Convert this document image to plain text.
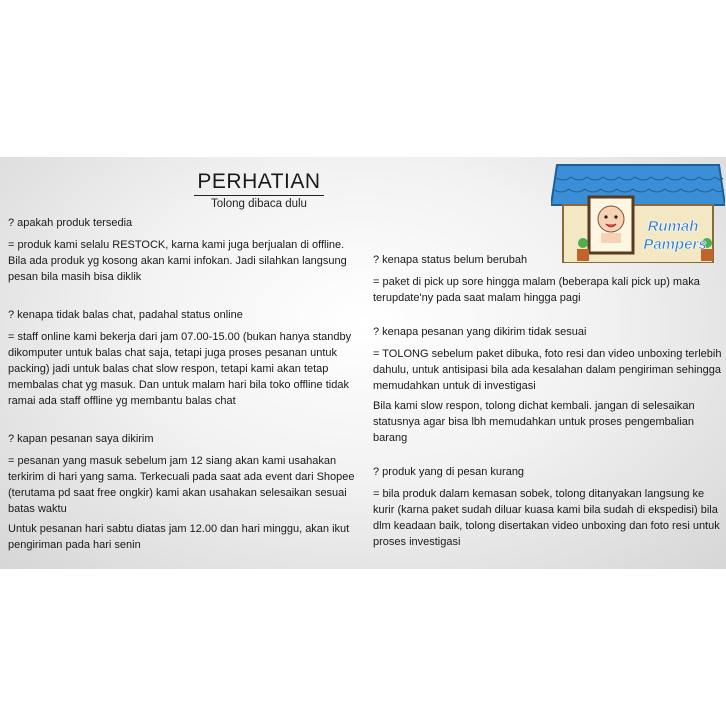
PERHATIAN
Tolong dibaca dulu

? apakah produk tersedia

= produk kami selalu RESTOCK, karna kami juga berjualan di offline. Bila ada produk yg kosong akan kami infokan. Jadi silahkan langsung pesan bila masih bisa diklik

? kenapa tidak balas chat, padahal status online

= staff online kami bekerja dari jam 07.00-15.00 (bukan hanya standby dikomputer untuk balas chat saja, tetapi juga proses pesanan untuk packing) jadi untuk balas chat slow respon, tetapi kami akan tetap membalas chat yg masuk. Dan untuk malam hari bila toko offline tidak ramai ada staff offline yg membantu balas chat

? kapan pesanan saya dikirim

= pesanan yang masuk sebelum jam 12 siang akan kami usahakan terkirim di hari yang sama. Terkecuali pada saat ada event dari Shopee (terutama pd saat free ongkir) kami akan usahakan selesaikan sesuai batas waktu

Untuk pesanan hari sabtu diatas jam 12.00 dan hari minggu, akan ikut pengiriman pada hari senin

? kenapa status belum berubah

= paket di pick up sore hingga malam (beberapa kali pick up) maka terupdate'ny pada saat malam hingga pagi

? kenapa pesanan yang dikirim tidak sesuai

= TOLONG sebelum paket dibuka, foto resi dan video unboxing terlebih dahulu, untuk antisipasi bila ada kesalahan dalam pengiriman sehingga memudahkan untuk di investigasi

Bila kami slow respon, tolong dichat kembali. jangan di selesaikan statusnya agar bisa lbh memudahkan untuk proses pengembalian barang

? produk yang di pesan kurang

= bila produk dalam kemasan sobek, tolong ditanyakan langsung ke kurir (karna paket sudah diluar kuasa kami bila sudah di ekspedisi) bila dlm keadaan baik, tolong disertakan video unboxing dan foto resi untuk proses investigasi

Rumah
Pampers
